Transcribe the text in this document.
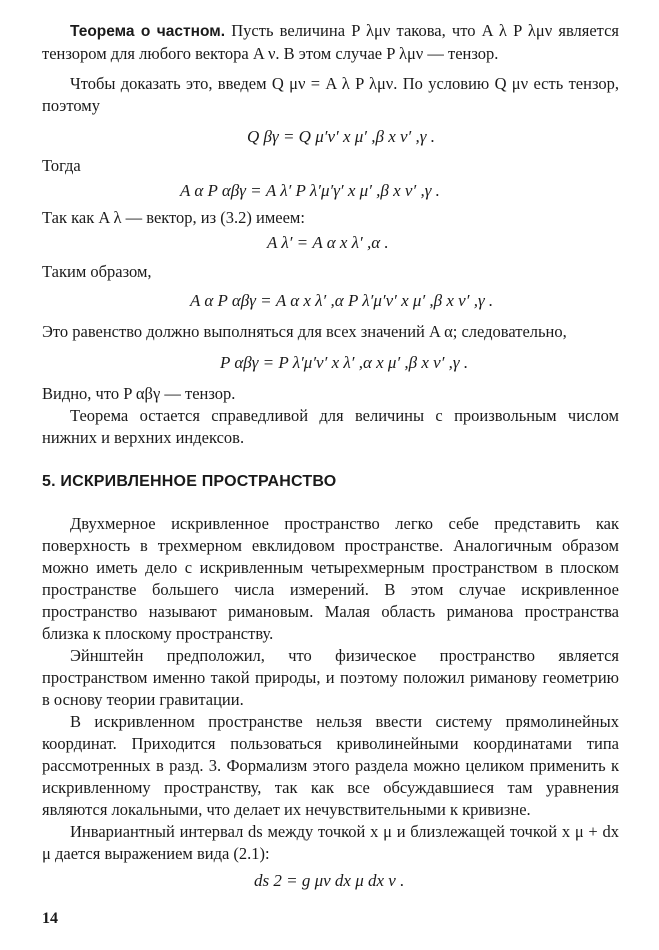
Теорема о частном. Пусть величина P λμν такова, что A λ P λμν является тензором для любого вектора A ν. В этом случае P λμν — тензор.

Чтобы доказать это, введем Q μν = A λ P λμν. По условию Q μν есть тензор, поэтому

Q βγ = Q μ′ν′ x μ′ ,β x ν′ ,γ .

Тогда

A α P αβγ = A λ′ P λ′μ′γ′ x μ′ ,β x ν′ ,γ .

Так как A λ — вектор, из (3.2) имеем:

A λ′ = A α x λ′ ,α .

Таким образом,

A α P αβγ = A α x λ′ ,α P λ′μ′ν′ x μ′ ,β x ν′ ,γ .

Это равенство должно выполняться для всех значений A α; следовательно,

P αβγ = P λ′μ′ν′ x λ′ ,α x μ′ ,β x ν′ ,γ .

Видно, что P αβγ — тензор.

Теорема остается справедливой для величины с произвольным числом нижних и верхних индексов.

5. ИСКРИВЛЕННОЕ ПРОСТРАНСТВО

Двухмерное искривленное пространство легко себе представить как поверхность в трехмерном евклидовом пространстве. Аналогичным образом можно иметь дело с искривленным четырехмерным пространством в плоском пространстве большего числа измерений. В этом случае искривленное пространство называют римановым. Малая область риманова пространства близка к плоскому пространству.

Эйнштейн предположил, что физическое пространство является пространством именно такой природы, и поэтому положил риманову геометрию в основу теории гравитации.

В искривленном пространстве нельзя ввести систему прямолинейных координат. Приходится пользоваться криволинейными координатами типа рассмотренных в разд. 3. Формализм этого раздела можно целиком применить к искривленному пространству, так как все обсуждавшиеся там уравнения являются локальными, что делает их нечувствительными к кривизне.

Инвариантный интервал ds между точкой x μ и близлежащей точкой x μ + dx μ дается выражением вида (2.1):

ds 2 = g μν dx μ dx ν .

14
